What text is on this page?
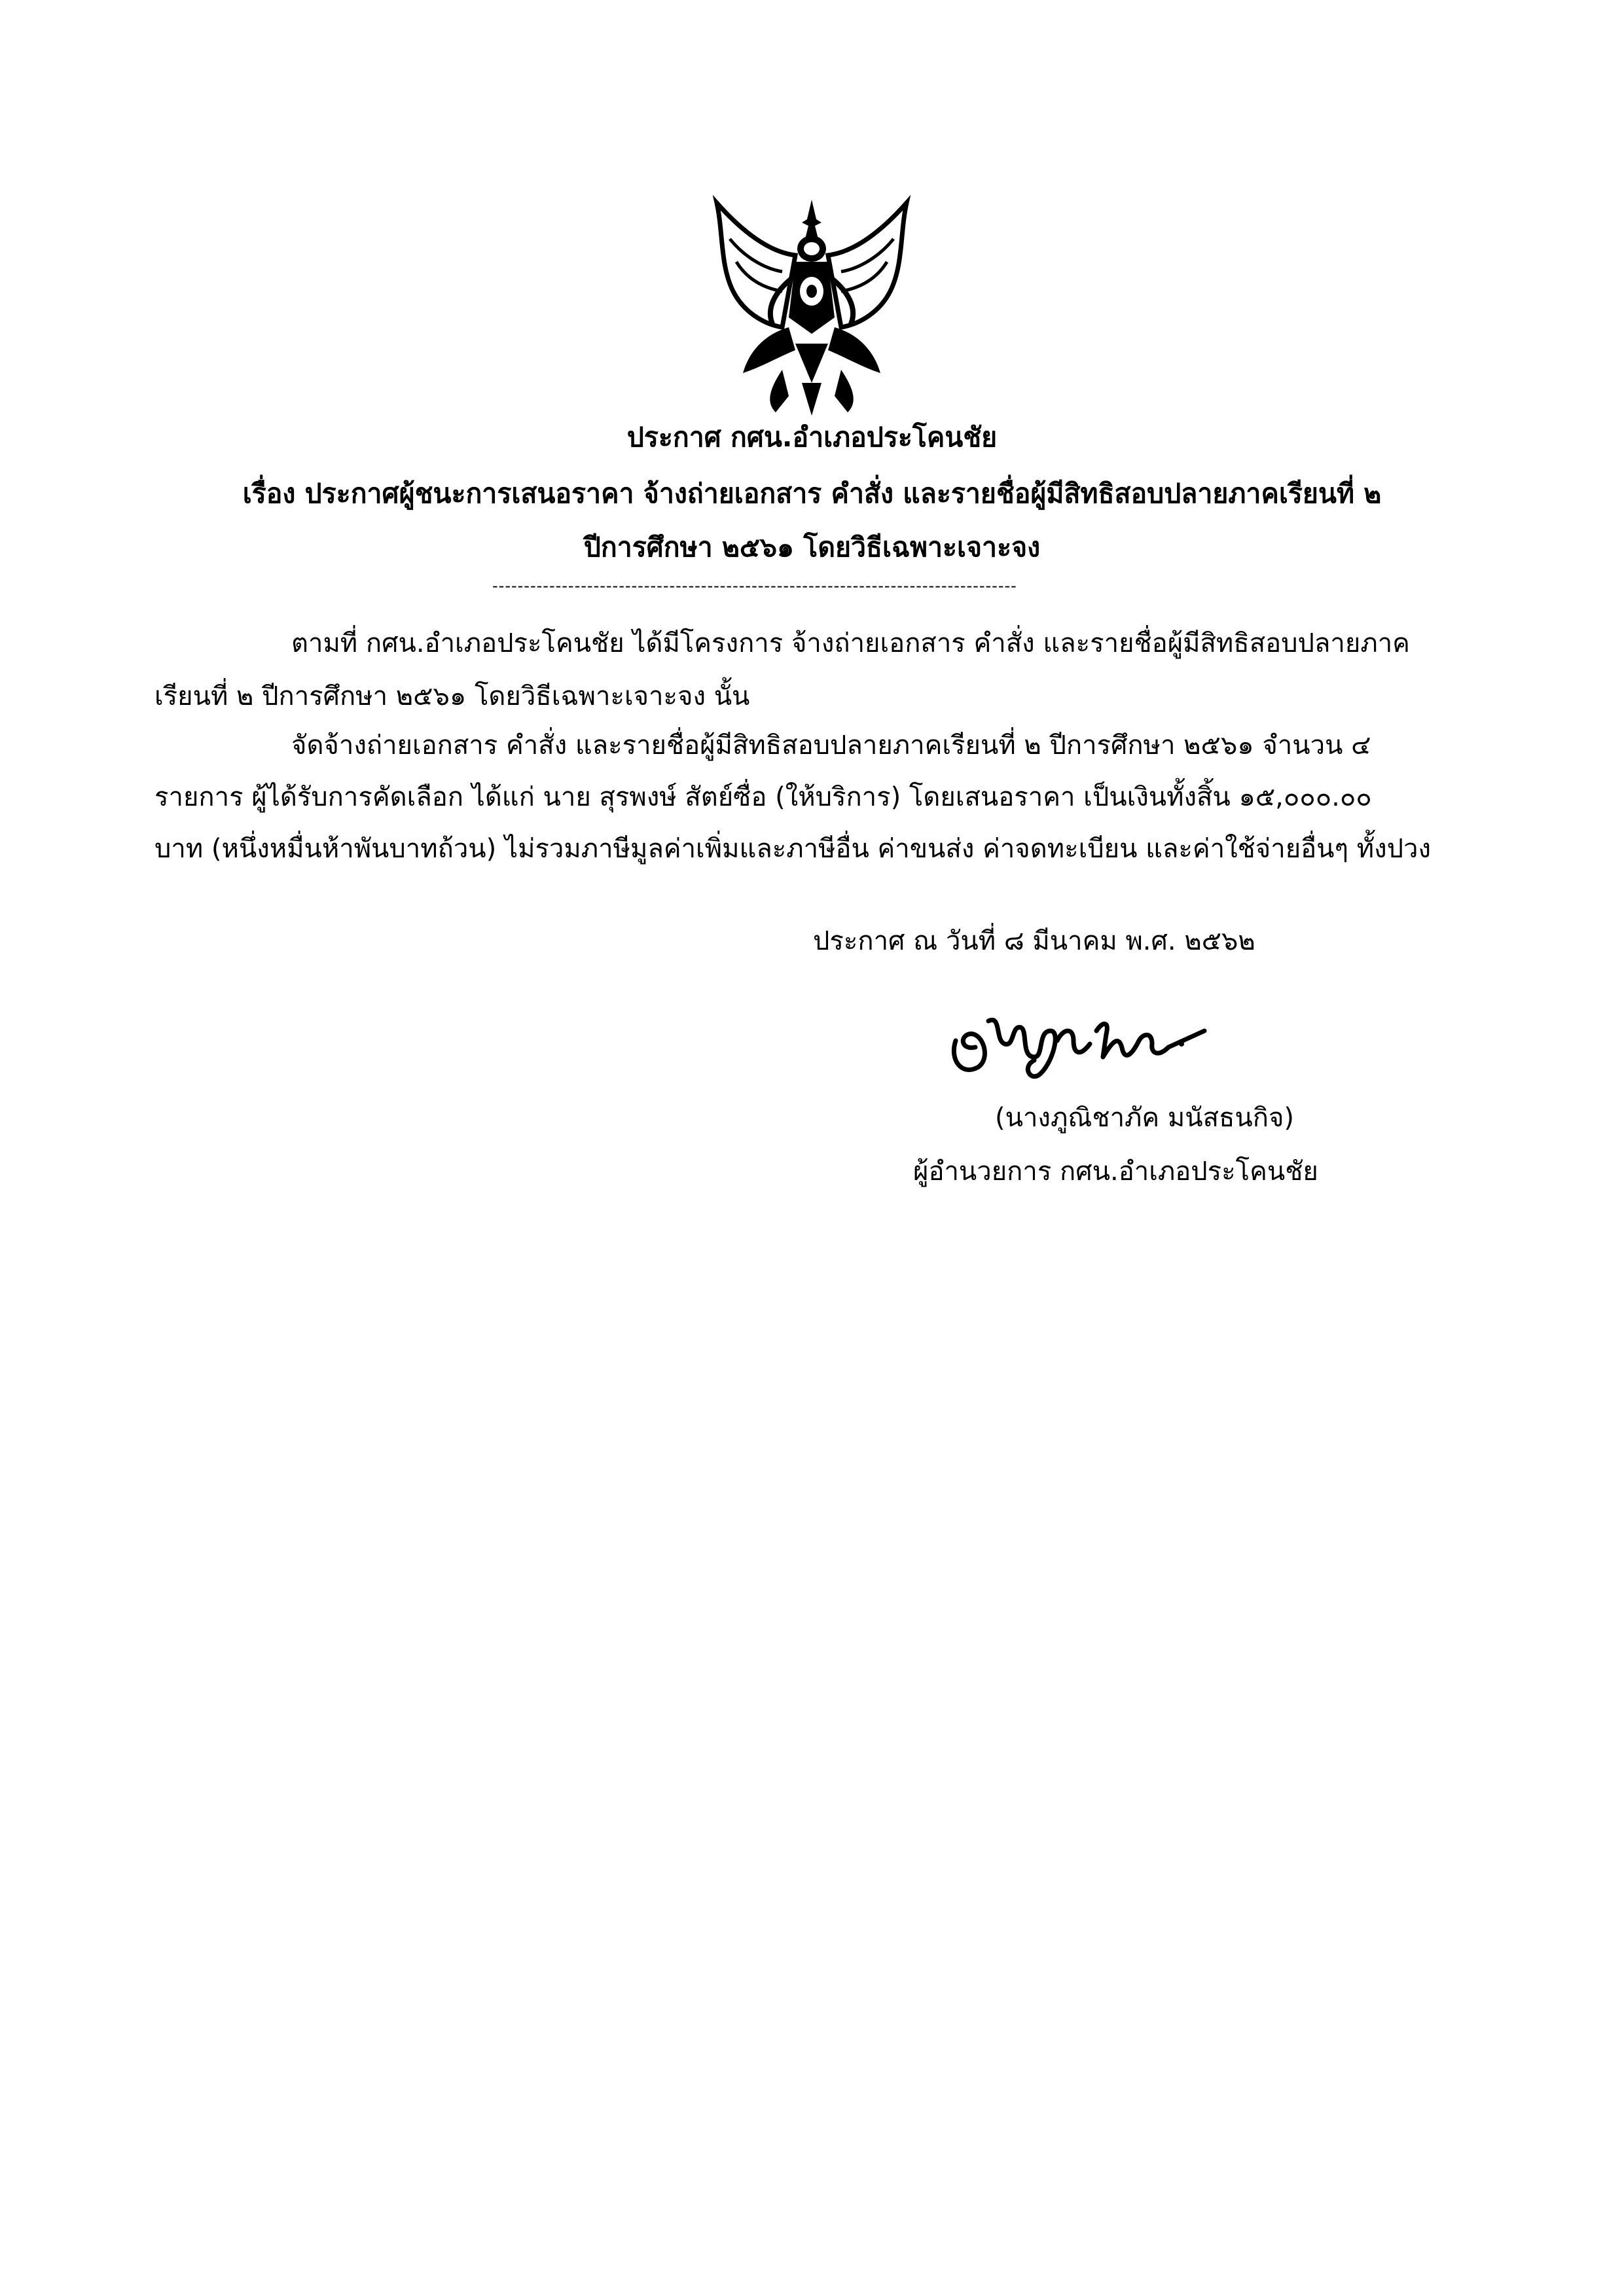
ประกาศ กศน.อำเภอประโคนชัย
เรื่อง ประกาศผู้ชนะการเสนอราคา จ้างถ่ายเอกสาร คำสั่ง และรายชื่อผู้มีสิทธิสอบปลายภาคเรียนที่ ๒
ปีการศึกษา ๒๕๖๑ โดยวิธีเฉพาะเจาะจง
-----------------------------------------------------------------------------------
ตามที่ กศน.อำเภอประโคนชัย ได้มีโครงการ จ้างถ่ายเอกสาร คำสั่ง และรายชื่อผู้มีสิทธิสอบปลายภาค
เรียนที่ ๒ ปีการศึกษา ๒๕๖๑ โดยวิธีเฉพาะเจาะจง นั้น
จัดจ้างถ่ายเอกสาร คำสั่ง และรายชื่อผู้มีสิทธิสอบปลายภาคเรียนที่ ๒ ปีการศึกษา ๒๕๖๑ จำนวน ๔
รายการ ผู้ได้รับการคัดเลือก ได้แก่ นาย สุรพงษ์ สัตย์ซื่อ (ให้บริการ) โดยเสนอราคา เป็นเงินทั้งสิ้น ๑๕,๐๐๐.๐๐
บาท (หนึ่งหมื่นห้าพันบาทถ้วน) ไม่รวมภาษีมูลค่าเพิ่มและภาษีอื่น ค่าขนส่ง ค่าจดทะเบียน และค่าใช้จ่ายอื่นๆ ทั้งปวง
ประกาศ ณ วันที่ ๘ มีนาคม พ.ศ. ๒๕๖๒
(นางภูณิชาภัค มนัสธนกิจ)
ผู้อำนวยการ กศน.อำเภอประโคนชัย
